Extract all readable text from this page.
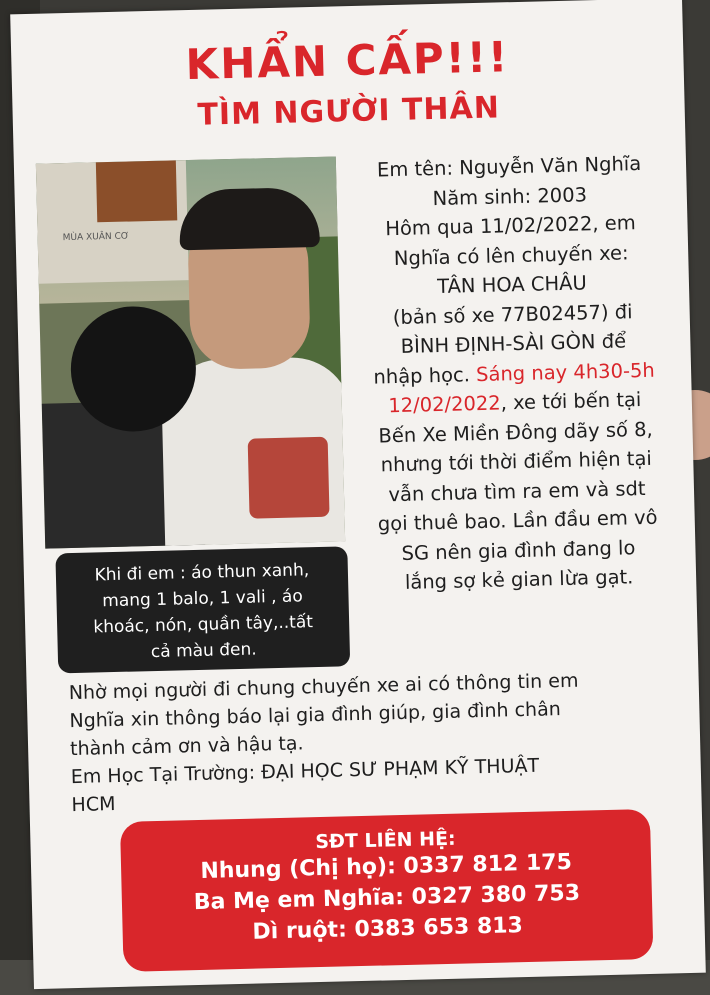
KHẨN CẤP!!!
TÌM NGƯỜI THÂN
MÙA XUÂN CƠ
Em tên: Nguyễn Văn Nghĩa
Năm sinh: 2003
Hôm qua 11/02/2022, em
Nghĩa có lên chuyến xe:
TÂN HOA CHÂU
(bản số xe 77B02457) đi
BÌNH ĐỊNH-SÀI GÒN để
nhập học. Sáng nay 4h30-5h
12/02/2022, xe tới bến tại
Bến Xe Miền Đông dãy số 8,
nhưng tới thời điểm hiện tại
vẫn chưa tìm ra em và sdt
gọi thuê bao. Lần đầu em vô
SG nên gia đình đang lo
lắng sợ kẻ gian lừa gạt.
Khi đi em : áo thun xanh,
mang 1 balo, 1 vali , áo
khoác, nón, quần tây,..tất
cả màu đen.
Nhờ mọi người đi chung chuyến xe ai có thông tin em
Nghĩa xin thông báo lại gia đình giúp, gia đình chân
thành cảm ơn và hậu tạ.
Em Học Tại Trường: ĐẠI HỌC SƯ PHẠM KỸ THUẬT
HCM
SĐT LIÊN HỆ:
Nhung (Chị họ): 0337 812 175
Ba Mẹ em Nghĩa: 0327 380 753
Dì ruột: 0383 653 813
